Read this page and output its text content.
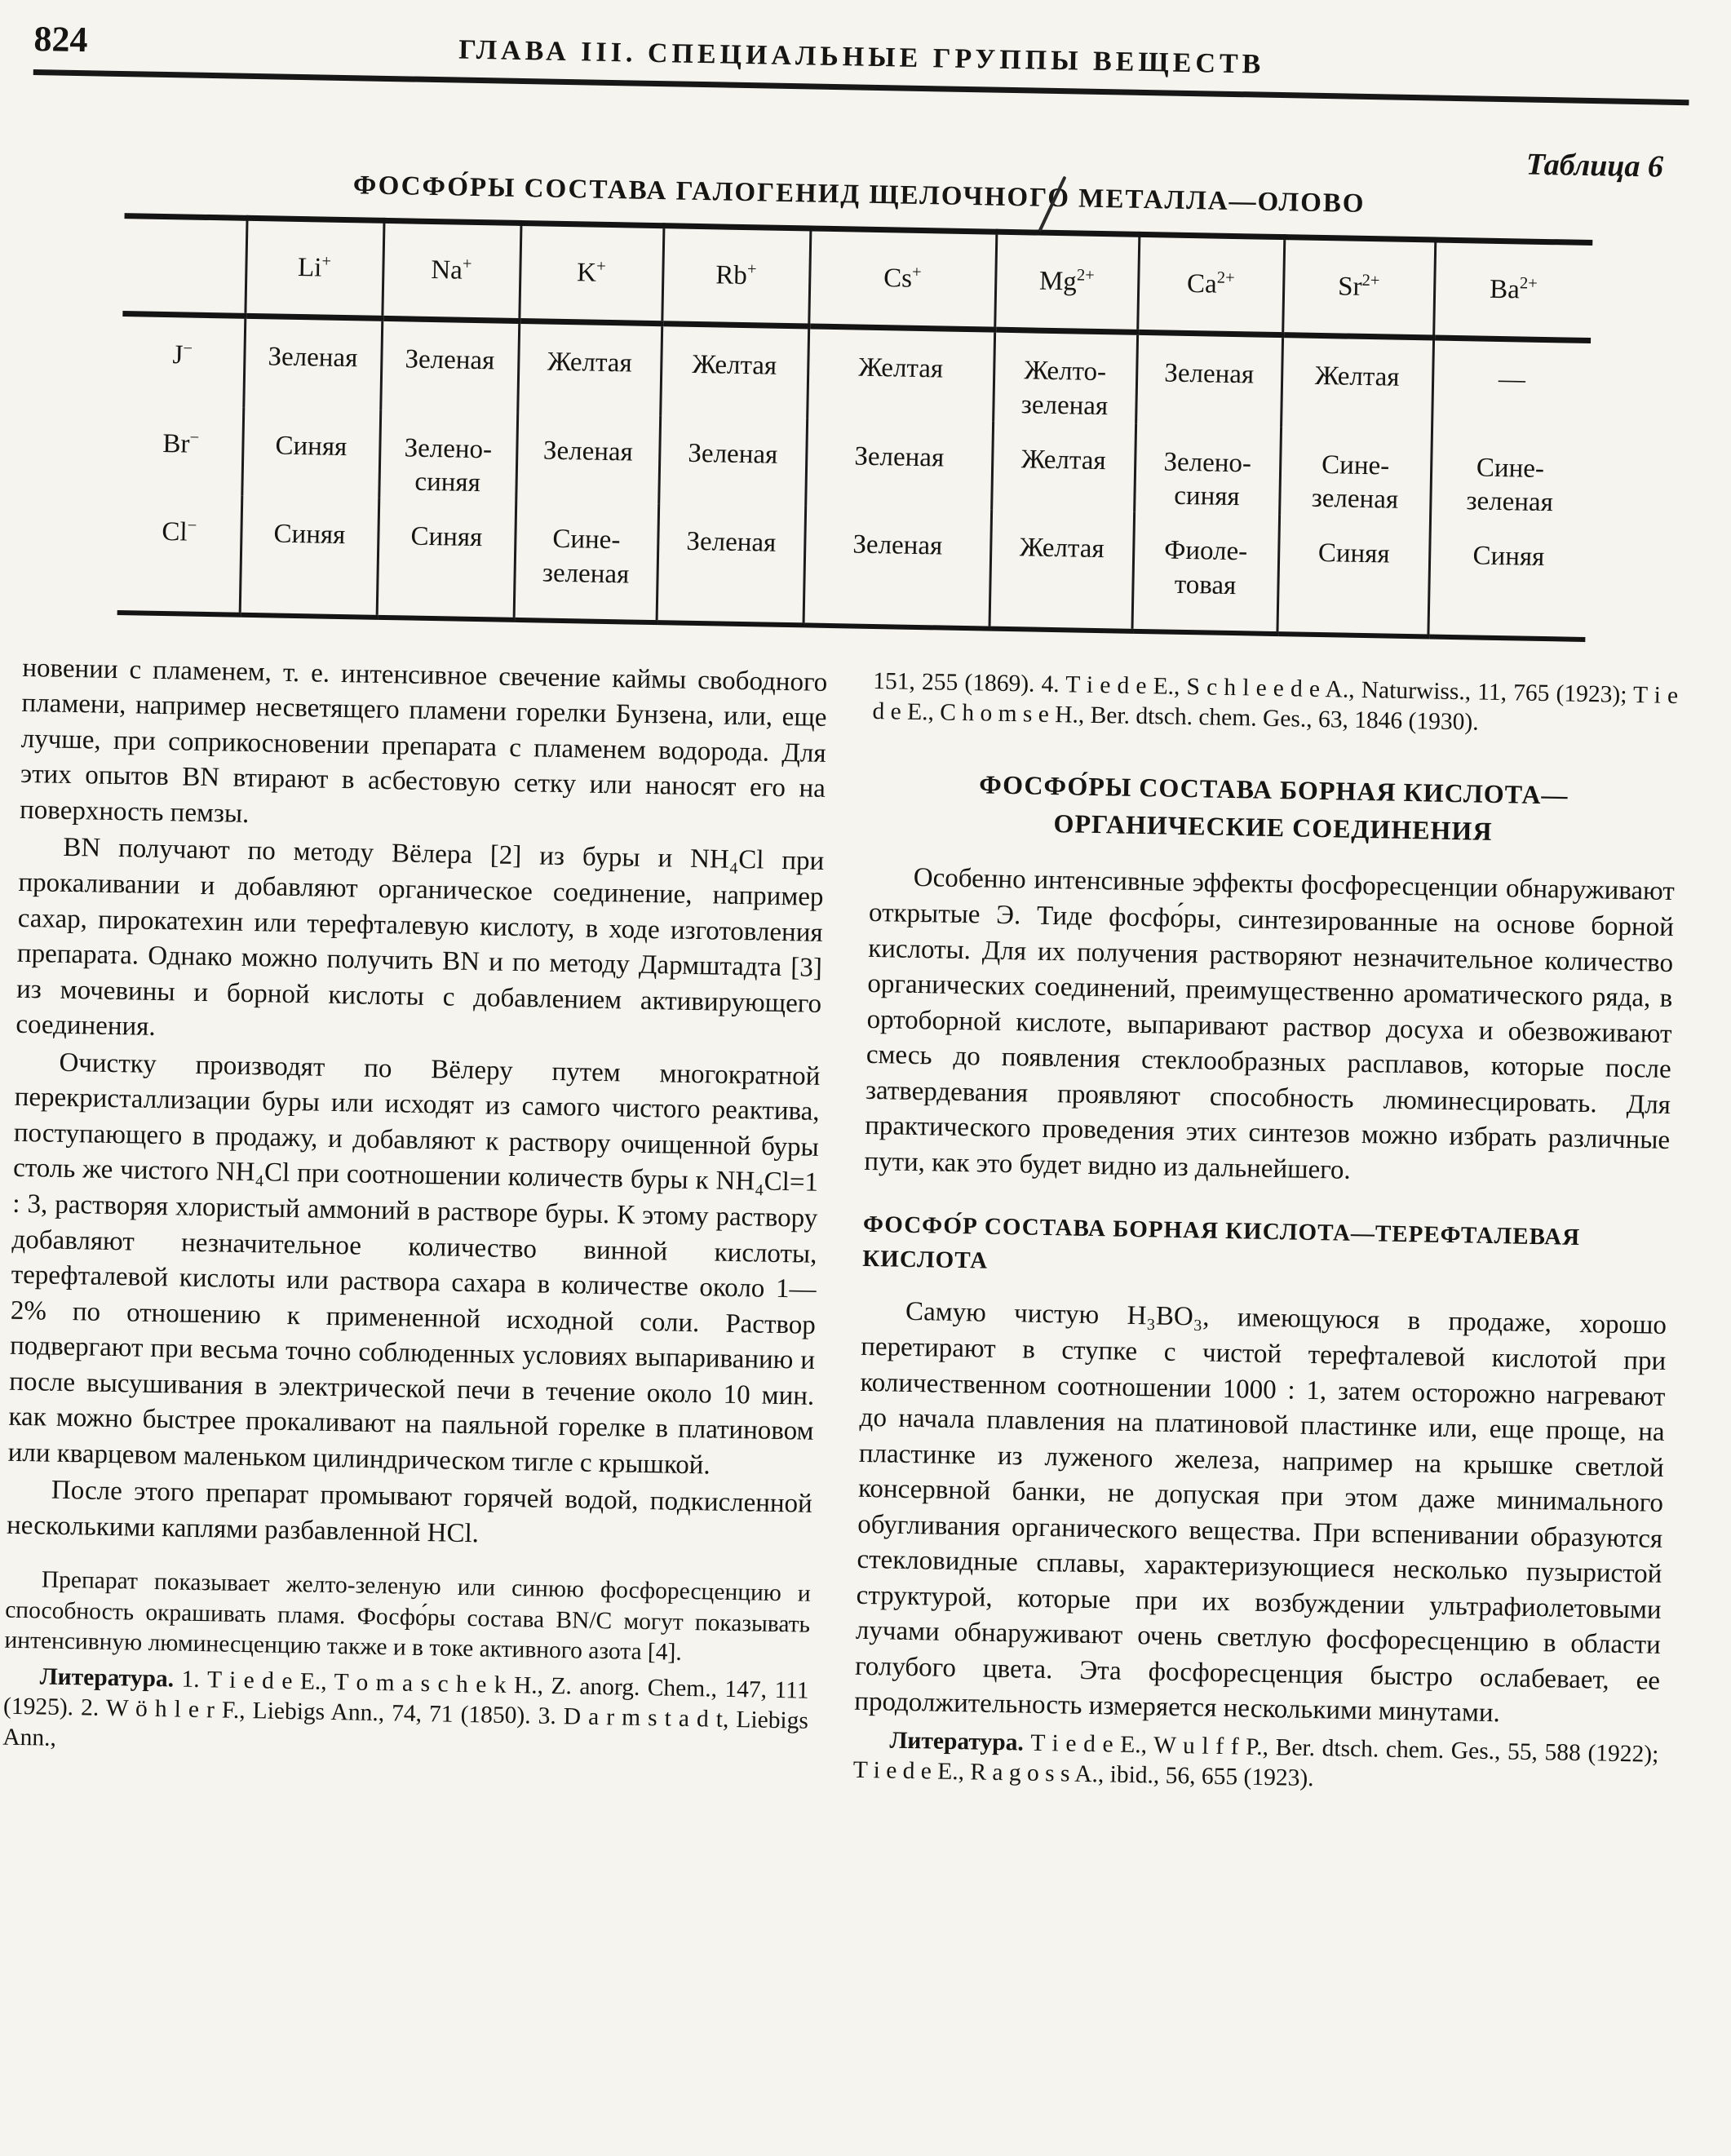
824	ГЛАВА III. СПЕЦИАЛЬНЫЕ ГРУППЫ ВЕЩЕСТВ
Таблица 6
ФОСФО́РЫ СОСТАВА ГАЛОГЕНИД ЩЕЛОЧНОГО МЕТАЛЛА—ОЛОВО
	Li+	Na+	K+	Rb+	Cs+	$Mg^{2+}$	$Ca^{2+}$	$Sr^{2+}$	$Ba^{2+}$
J−	Зеленая	Зеленая	Желтая	Желтая	Желтая	Желто-зеленая	Зеленая	Желтая	—
Br−	Синяя	Зелено-синяя	Зеленая	Зеленая	Зеленая	Желтая	Зелено-синяя	Сине-зеленая	Сине-зеленая
Cl−	Синяя	Синяя	Сине-зеленая	Зеленая	Зеленая	Желтая	Фиолетовая	Синяя	Синяя

новении с пламенем, т. е. интенсивное свечение каймы свободного пламени, например несветящего пламени горелки Бунзена, или, еще лучше, при соприкосновении препарата с пламенем водорода. Для этих опытов BN втирают в асбестовую сетку или наносят его на поверхность пемзы.

BN получают по методу Вёлера [2] из буры и NH₄Cl при прокаливании и добавляют органическое соединение, например сахар, пирокатехин или терефталевую кислоту, в ходе изготовления препарата. Однако можно получить BN и по методу Дармштадта [3] из мочевины и борной кислоты с добавлением активирующего соединения.

Очистку производят по Вёлеру путем многократной перекристаллизации буры или исходят из самого чистого реактива, поступающего в продажу, и добавляют к раствору очищенной буры столь же чистого NH₄Cl при соотношении количеств буры к NH₄Cl=1 : 3, растворяя хлористый аммоний в растворе буры. К этому раствору добавляют незначительное количество винной кислоты, терефталевой кислоты или раствора сахара в количестве около 1—2% по отношению к примененной исходной соли. Раствор подвергают при весьма точно соблюденных условиях выпариванию и после высушивания в электрической печи в течение около 10 мин. как можно быстрее прокаливают на паяльной горелке в платиновом или кварцевом маленьком цилиндрическом тигле с крышкой.

После этого препарат промывают горячей водой, подкисленной несколькими каплями разбавленной HCl.

Препарат показывает желто-зеленую или синюю фосфоресценцию и способность окрашивать пламя. Фосфо́ры состава BN/C могут показывать интенсивную люминесценцию также и в токе активного азота [4].

Литература. 1. T i e d e E., T o m a s c h e k H., Z. anorg. Chem., 147, 111 (1925). 2. W ö h l e r F., Liebigs Ann., 74, 71 (1850). 3. D a r m s t a d t, Liebigs Ann.,

151, 255 (1869). 4. T i e d e E., S c h l e e d e A., Naturwiss., 11, 765 (1923); T i e d e E., C h o m s e H., Ber. dtsch. chem. Ges., 63, 1846 (1930).

ФОСФО́РЫ СОСТАВА БОРНАЯ КИСЛОТА—
ОРГАНИЧЕСКИЕ СОЕДИНЕНИЯ

Особенно интенсивные эффекты фосфоресценции обнаруживают открытые Э. Тиде фосфо́ры, синтезированные на основе борной кислоты. Для их получения растворяют незначительное количество органических соединений, преимущественно ароматического ряда, в ортоборной кислоте, выпаривают раствор досуха и обезвоживают смесь до появления стеклообразных расплавов, которые после затвердевания проявляют способность люминесцировать. Для практического проведения этих синтезов можно избрать различные пути, как это будет видно из дальнейшего.

ФОСФО́Р СОСТАВА БОРНАЯ КИСЛОТА—ТЕРЕФТАЛЕВАЯ КИСЛОТА

Самую чистую H₃BO₃, имеющуюся в продаже, хорошо перетирают в ступке с чистой терефталевой кислотой при количественном соотношении 1000 : 1, затем осторожно нагревают до начала плавления на платиновой пластинке или, еще проще, на пластинке из луженого железа, например на крышке светлой консервной банки, не допуская при этом даже минимального обугливания органического вещества. При вспенивании образуются стекловидные сплавы, характеризующиеся несколько пузыристой структурой, которые при их возбуждении ультрафиолетовыми лучами обнаруживают очень светлую фосфоресценцию в области голубого цвета. Эта фосфоресценция быстро ослабевает, ее продолжительность измеряется несколькими минутами.

Литература. T i e d e E., W u l f f P., Ber. dtsch. chem. Ges., 55, 588 (1922); T i e d e E., R a g o s s A., ibid., 56, 655 (1923).
